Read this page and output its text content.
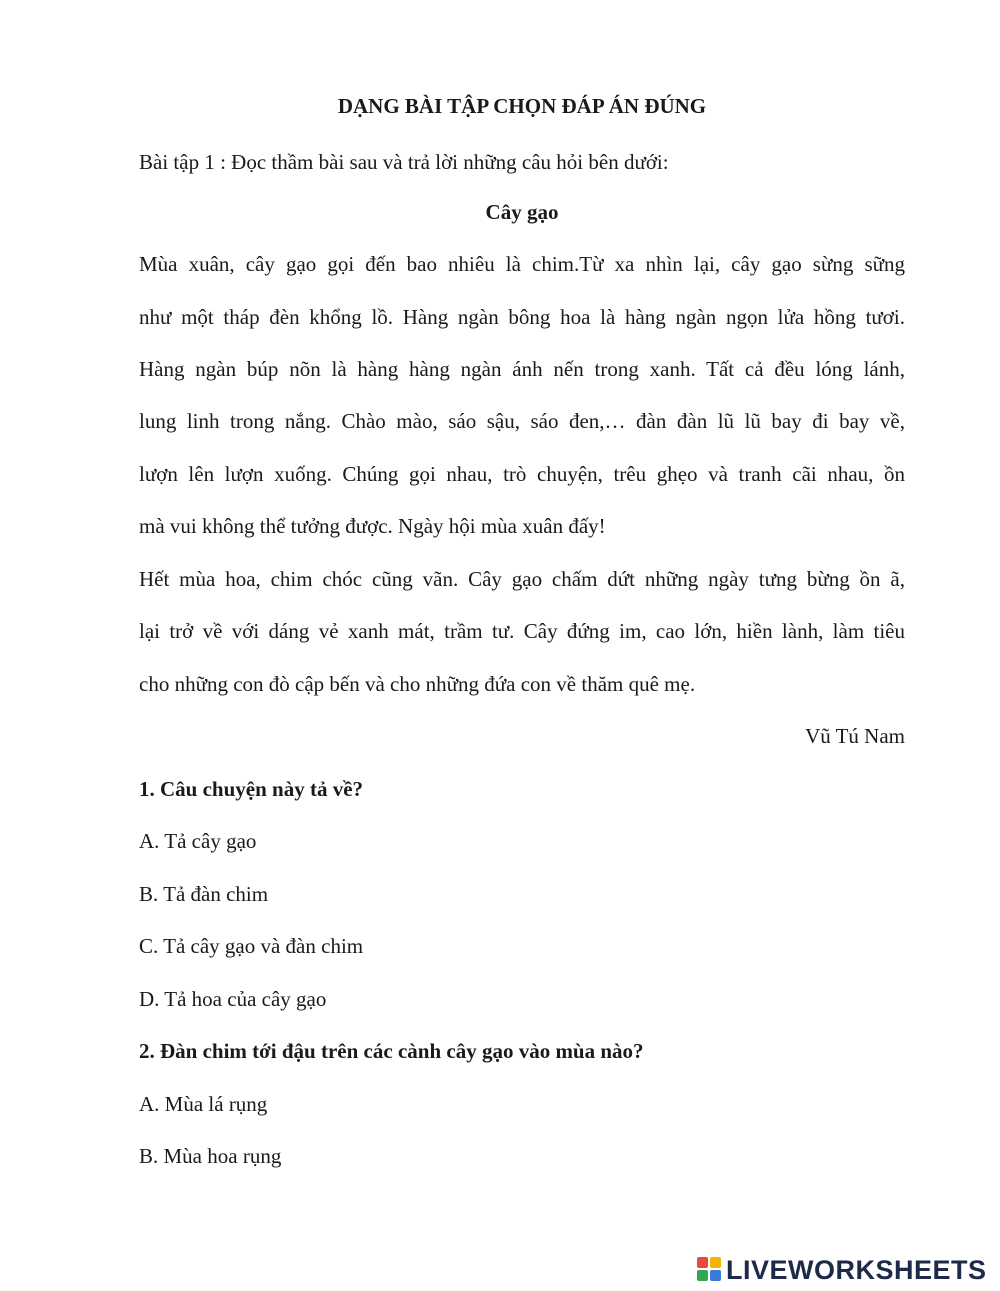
DẠNG BÀI TẬP CHỌN ĐÁP ÁN ĐÚNG
Bài tập 1 : Đọc thầm bài sau và trả lời những câu hỏi bên dưới:
Cây gạo
Mùa xuân, cây gạo gọi đến bao nhiêu là chim.Từ xa nhìn lại, cây gạo sừng sững
như một tháp đèn khổng lồ. Hàng ngàn bông hoa là hàng ngàn ngọn lửa hồng tươi.
Hàng ngàn búp nõn là hàng hàng ngàn ánh nến trong xanh. Tất cả đều lóng lánh,
lung linh trong nắng. Chào mào, sáo sậu, sáo đen,… đàn đàn lũ lũ bay đi bay về,
lượn lên lượn xuống. Chúng gọi nhau, trò chuyện, trêu ghẹo và tranh cãi nhau, ồn
mà vui không thể tưởng được. Ngày hội mùa xuân đấy!
Hết mùa hoa, chim chóc cũng vãn. Cây gạo chấm dứt những ngày tưng bừng ồn ã,
lại trở về với dáng vẻ xanh mát, trầm tư. Cây đứng im, cao lớn, hiền lành, làm tiêu
cho những con đò cập bến và cho những đứa con về thăm quê mẹ.
Vũ Tú Nam
1. Câu chuyện này tả về?
A. Tả cây gạo
B. Tả đàn chim
C. Tả cây gạo và đàn chim
D. Tả hoa của cây gạo
2. Đàn chim tới đậu trên các cành cây gạo vào mùa nào?
A. Mùa lá rụng
B. Mùa hoa rụng
LIVEWORKSHEETS
